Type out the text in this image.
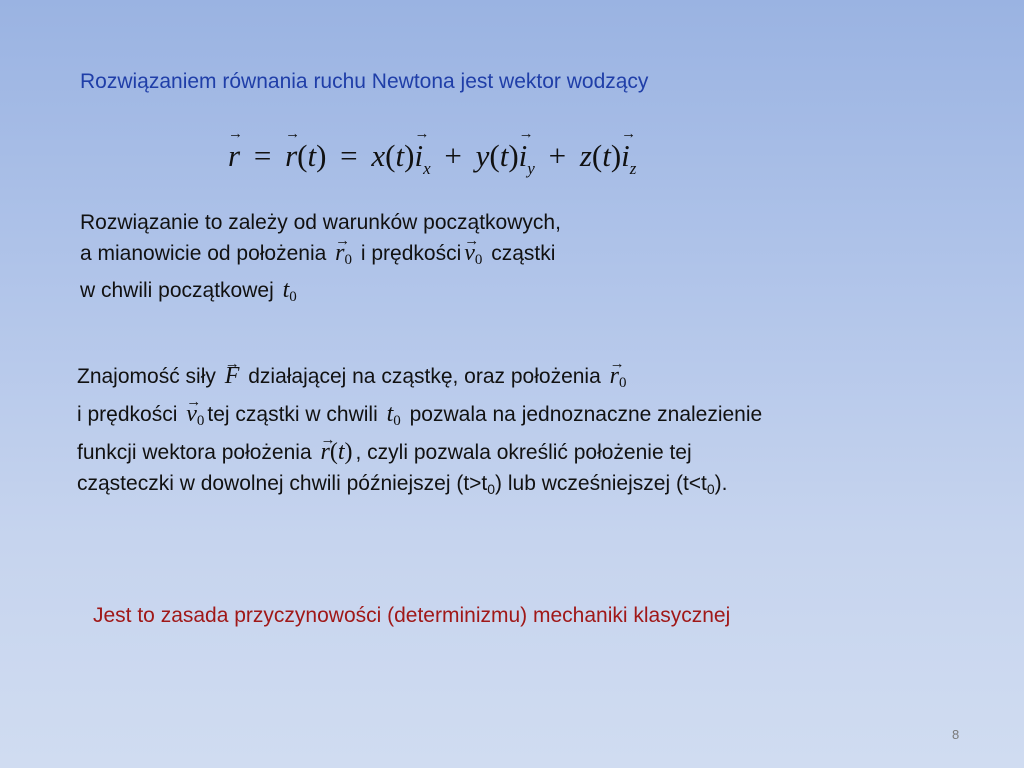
Rozwiązaniem równania ruchu Newtona jest wektor wodzący
→ r = → $r(t) = x(t)\to i_x + y(t)\to i_y + z(t)\to i_z$
Rozwiązanie to zależy od warunków początkowych,
a mianowicie od położenia → $r_0$ i prędkości → $v_0$ cząstki
w chwili początkowej $t_0$
Znajomość siły → F działającej na cząstkę, oraz położenia → $r_0$
i prędkości → $v_0$ tej cząstki w chwili $t_0$ pozwala na jednoznaczne znalezienie
funkcji wektora położenia → r(t) , czyli pozwala określić położenie tej
cząsteczki w dowolnej chwili późniejszej $(t>t_0)$ lub wcześniejszej $(t<t_0)$.
Jest to zasada przyczynowości (determinizmu) mechaniki klasycznej
8
